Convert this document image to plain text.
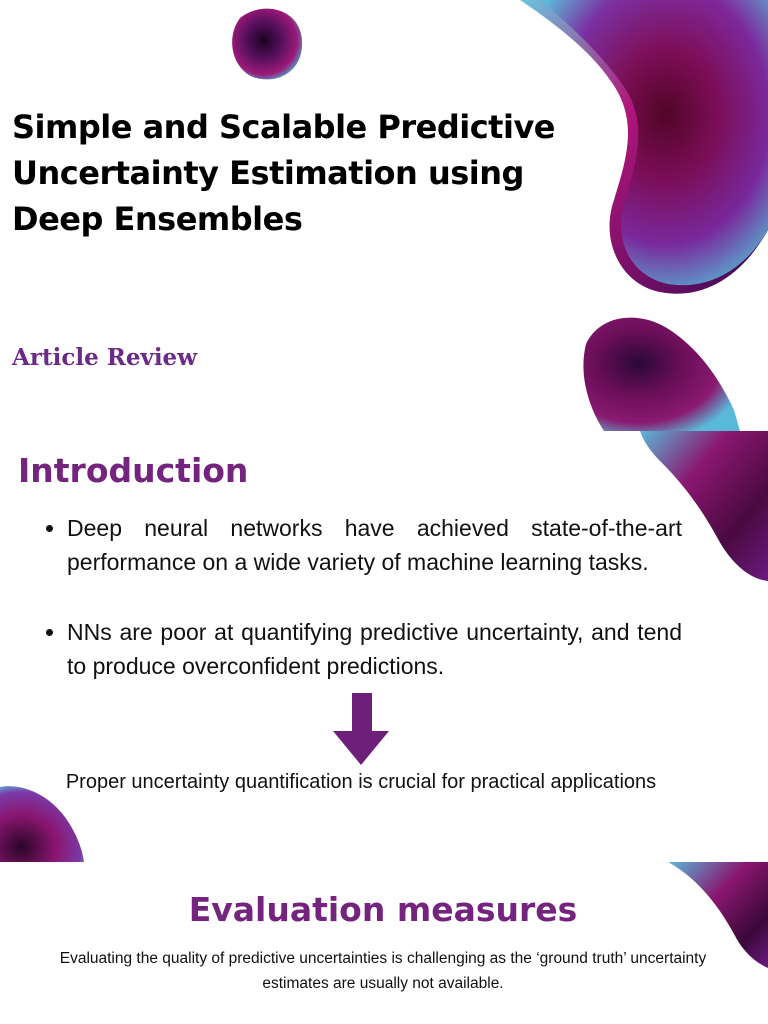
Simple and Scalable Predictive Uncertainty Estimation using Deep Ensembles
Article Review
Introduction
Deep neural networks have achieved state-of-the-art performance on a wide variety of machine learning tasks.
NNs are poor at quantifying predictive uncertainty, and tend to produce overconfident predictions.

Proper uncertainty quantification is crucial for practical applications

Evaluation measures

Evaluating the quality of predictive uncertainties is challenging as the ‘ground truth’ uncertainty estimates are usually not available.
